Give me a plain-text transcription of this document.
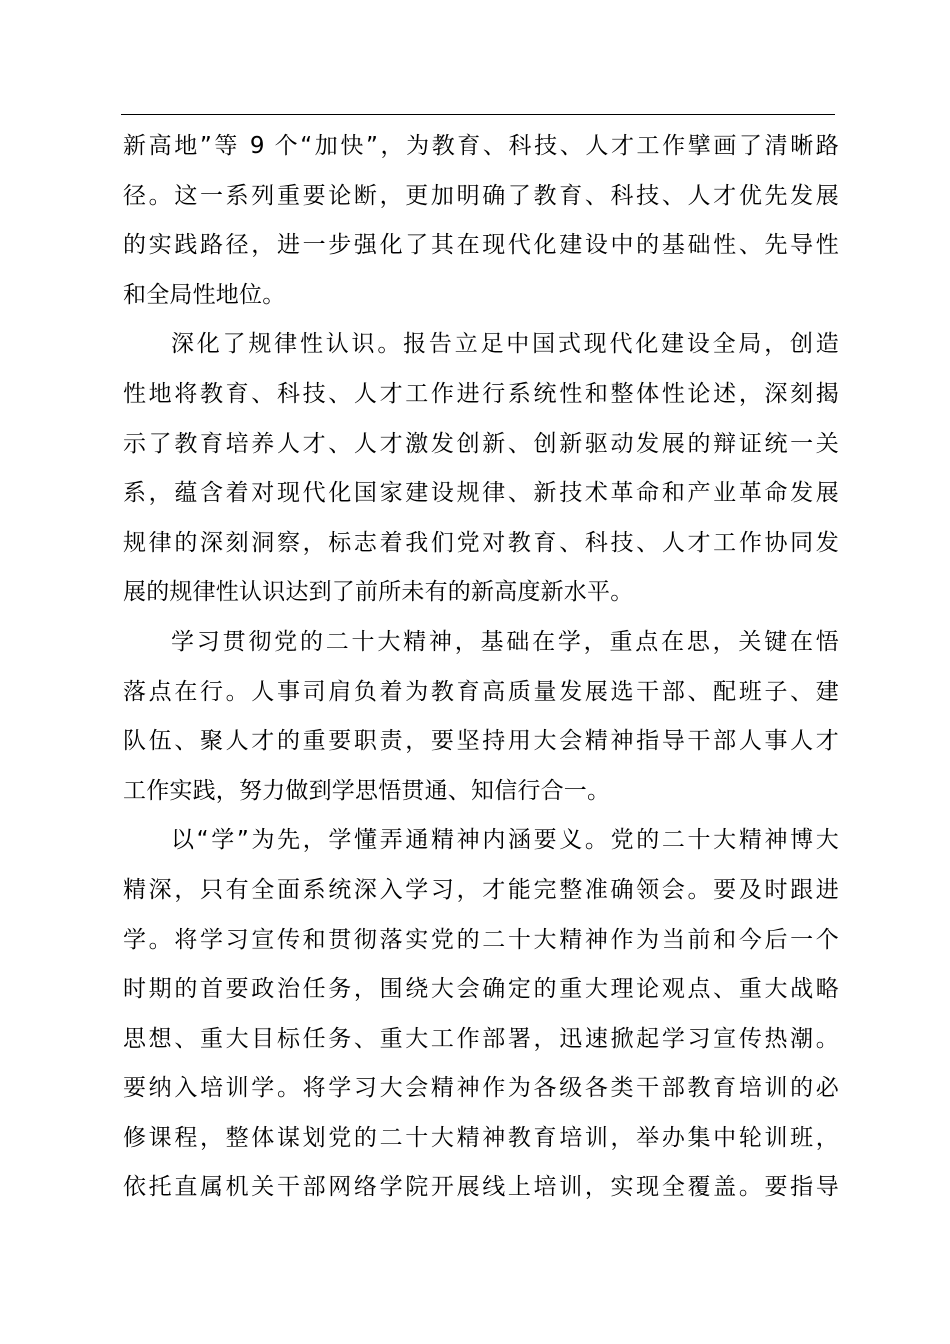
新高地”等 9 个“加快”，为教育、科技、人才工作擘画了清晰路
径。这一系列重要论断，更加明确了教育、科技、人才优先发展
的实践路径，进一步强化了其在现代化建设中的基础性、先导性
和全局性地位。
深化了规律性认识。报告立足中国式现代化建设全局，创造
性地将教育、科技、人才工作进行系统性和整体性论述，深刻揭
示了教育培养人才、人才激发创新、创新驱动发展的辩证统一关
系，蕴含着对现代化国家建设规律、新技术革命和产业革命发展
规律的深刻洞察，标志着我们党对教育、科技、人才工作协同发
展的规律性认识达到了前所未有的新高度新水平。
学习贯彻党的二十大精神，基础在学，重点在思，关键在悟
落点在行。人事司肩负着为教育高质量发展选干部、配班子、建
队伍、聚人才的重要职责，要坚持用大会精神指导干部人事人才
工作实践，努力做到学思悟贯通、知信行合一。
以“学”为先，学懂弄通精神内涵要义。党的二十大精神博大
精深，只有全面系统深入学习，才能完整准确领会。要及时跟进
学。将学习宣传和贯彻落实党的二十大精神作为当前和今后一个
时期的首要政治任务，围绕大会确定的重大理论观点、重大战略
思想、重大目标任务、重大工作部署，迅速掀起学习宣传热潮。
要纳入培训学。将学习大会精神作为各级各类干部教育培训的必
修课程，整体谋划党的二十大精神教育培训，举办集中轮训班，
依托直属机关干部网络学院开展线上培训，实现全覆盖。要指导
